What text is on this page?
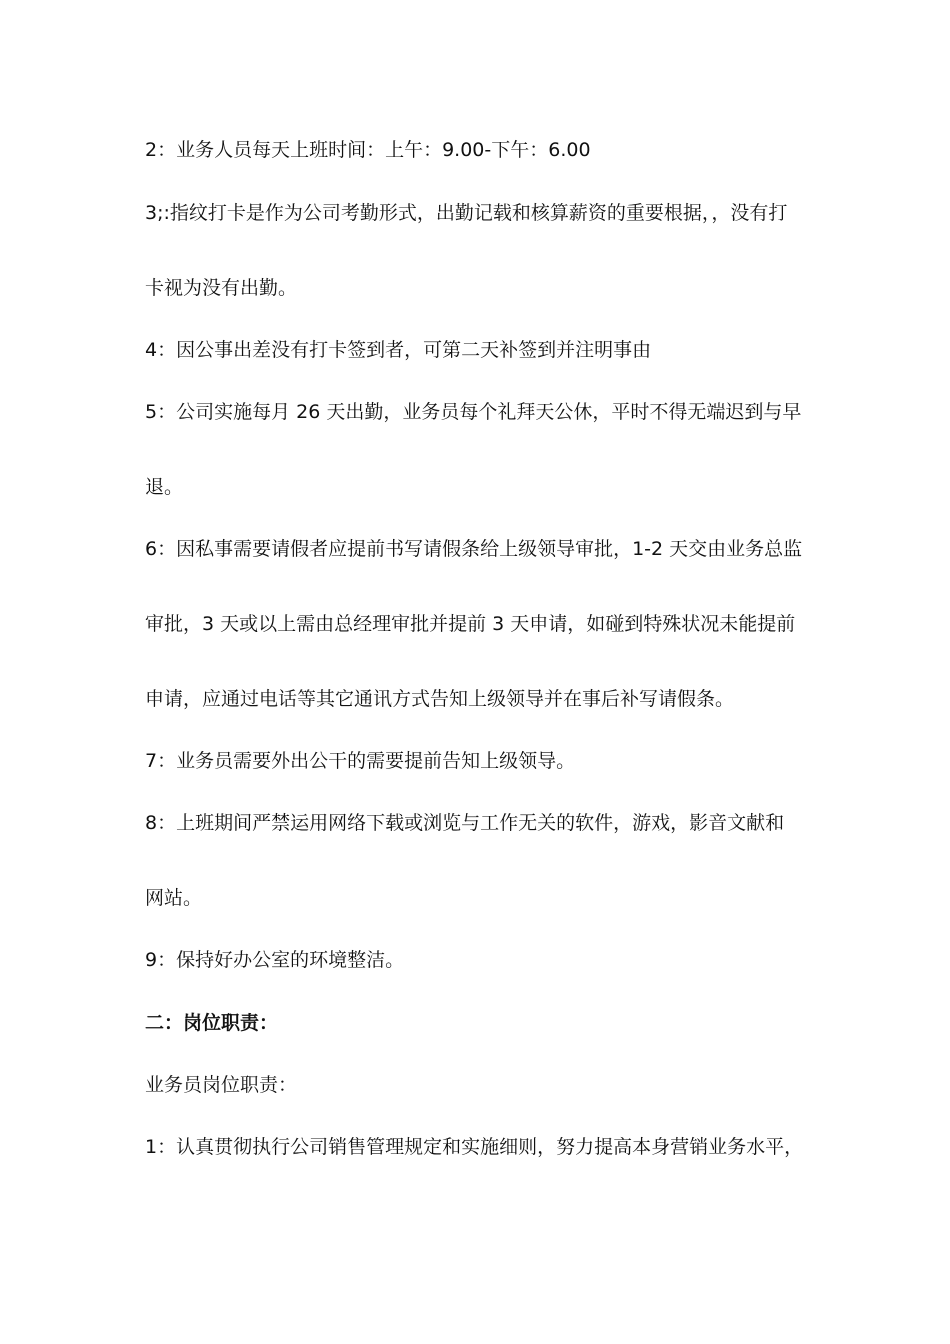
2：业务人员每天上班时间：上午：9.00-下午：6.00
3;:指纹打卡是作为公司考勤形式，出勤记载和核算薪资的重要根据，，没有打
卡视为没有出勤。
4：因公事出差没有打卡签到者，可第二天补签到并注明事由
5：公司实施每月 26 天出勤，业务员每个礼拜天公休，平时不得无端迟到与早
退。
6：因私事需要请假者应提前书写请假条给上级领导审批，1-2 天交由业务总监
审批，3 天或以上需由总经理审批并提前 3 天申请，如碰到特殊状况未能提前
申请，应通过电话等其它通讯方式告知上级领导并在事后补写请假条。
7：业务员需要外出公干的需要提前告知上级领导。
8：上班期间严禁运用网络下载或浏览与工作无关的软件，游戏，影音文献和
网站。
9：保持好办公室的环境整洁。
二：岗位职责：
业务员岗位职责：
1：认真贯彻执行公司销售管理规定和实施细则，努力提高本身营销业务水平，
